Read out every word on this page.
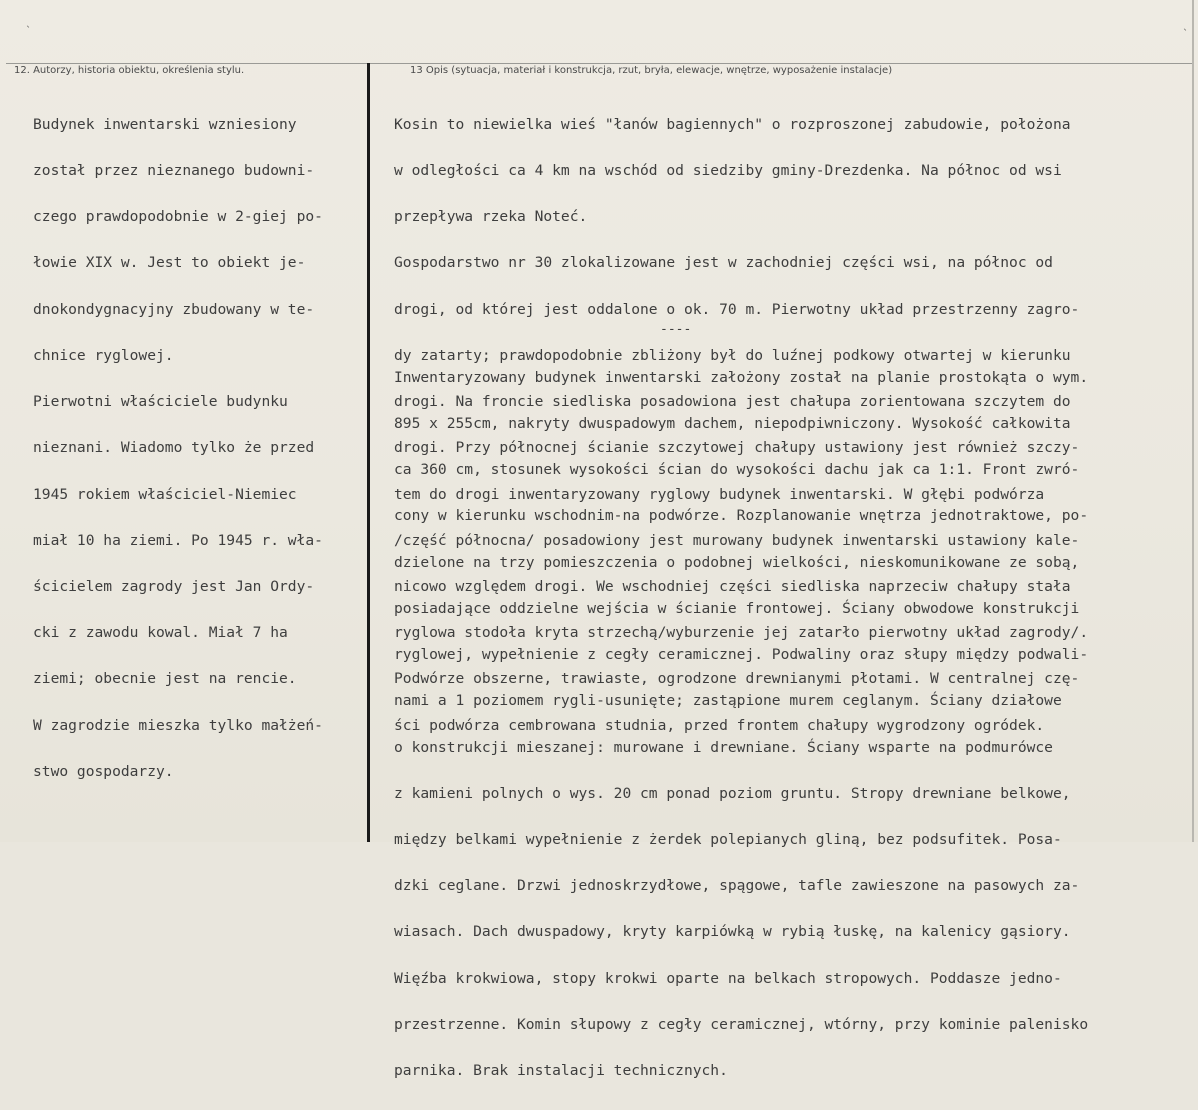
ˎ	ˎ
12. Autorzy, historia obiektu, określenia stylu.	13 Opis (sytuacja, materiał i konstrukcja, rzut, bryła, elewacje, wnętrze, wyposażenie instalacje)

Budynek inwentarski wzniesiony

został przez nieznanego budowni-

czego prawdopodobnie w 2-giej po-

łowie XIX w. Jest to obiekt je-

dnokondygnacyjny zbudowany w te-

chnice ryglowej.

Pierwotni właściciele budynku

nieznani. Wiadomo tylko że przed

1945 rokiem właściciel-Niemiec

miał 10 ha ziemi. Po 1945 r. wła-

ścicielem zagrody jest Jan Ordy-

cki z zawodu kowal. Miał 7 ha

ziemi; obecnie jest na rencie.

W zagrodzie mieszka tylko małżeń-

stwo gospodarzy.

Kosin to niewielka wieś "łanów bagiennych" o rozproszonej zabudowie, położona

w odległości ca 4 km na wschód od siedziby gminy-Drezdenka. Na północ od wsi

przepływa rzeka Noteć.

Gospodarstwo nr 30 zlokalizowane jest w zachodniej części wsi, na północ od

drogi, od której jest oddalone o ok. 70 m. Pierwotny układ przestrzenny zagro-

dy zatarty; prawdopodobnie zbliżony był do luźnej podkowy otwartej w kierunku

drogi. Na froncie siedliska posadowiona jest chałupa zorientowana szczytem do

drogi. Przy północnej ścianie szczytowej chałupy ustawiony jest również szczy-

tem do drogi inwentaryzowany ryglowy budynek inwentarski. W głębi podwórza

/część północna/ posadowiony jest murowany budynek inwentarski ustawiony kale-

nicowo względem drogi. We wschodniej części siedliska naprzeciw chałupy stała

ryglowa stodoła kryta strzechą/wyburzenie jej zatarło pierwotny układ zagrody/.

Podwórze obszerne, trawiaste, ogrodzone drewnianymi płotami. W centralnej czę-

ści podwórza cembrowana studnia, przed frontem chałupy wygrodzony ogródek.

----

Inwentaryzowany budynek inwentarski założony został na planie prostokąta o wym.

895 x 255cm, nakryty dwuspadowym dachem, niepodpiwniczony. Wysokość całkowita

ca 360 cm, stosunek wysokości ścian do wysokości dachu jak ca 1:1. Front zwró-

cony w kierunku wschodnim-na podwórze. Rozplanowanie wnętrza jednotraktowe, po-

dzielone na trzy pomieszczenia o podobnej wielkości, nieskomunikowane ze sobą,

posiadające oddzielne wejścia w ścianie frontowej. Ściany obwodowe konstrukcji

ryglowej, wypełnienie z cegły ceramicznej. Podwaliny oraz słupy między podwali-

nami a 1 poziomem rygli-usunięte; zastąpione murem ceglanym. Ściany działowe

o konstrukcji mieszanej: murowane i drewniane. Ściany wsparte na podmurówce

z kamieni polnych o wys. 20 cm ponad poziom gruntu. Stropy drewniane belkowe,

między belkami wypełnienie z żerdek polepianych gliną, bez podsufitek. Posa-

dzki ceglane. Drzwi jednoskrzydłowe, spągowe, tafle zawieszone na pasowych za-

wiasach. Dach dwuspadowy, kryty karpiówką w rybią łuskę, na kalenicy gąsiory.

Więźba krokwiowa, stopy krokwi oparte na belkach stropowych. Poddasze jedno-

przestrzenne. Komin słupowy z cegły ceramicznej, wtórny, przy kominie palenisko

parnika. Brak instalacji technicznych.
